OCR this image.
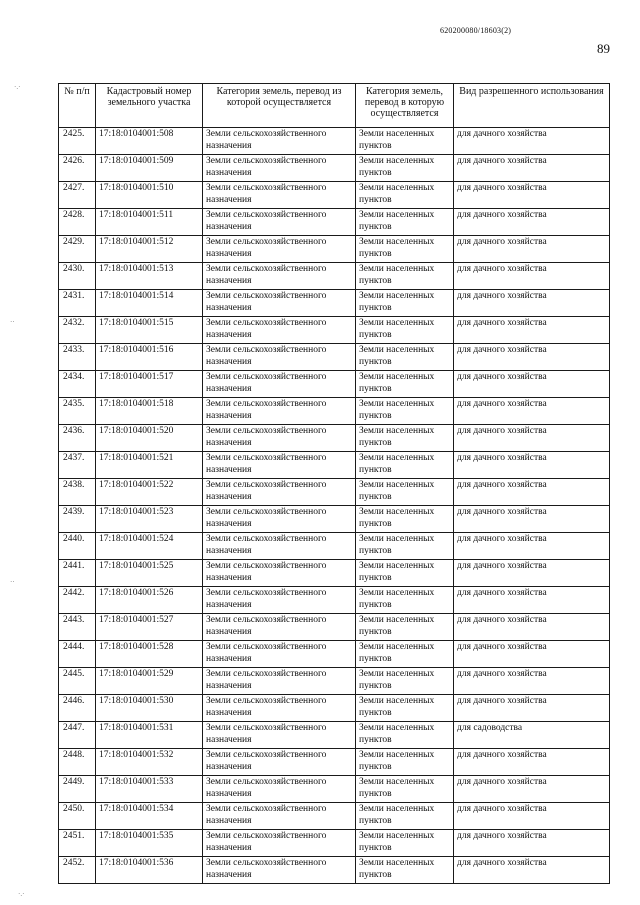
620200080/18603(2)
89
·.·
··
··
·.·
№ п/п	Кадастровый номер земельного участка	Категория земель, перевод из которой осуществляется	Категория земель, перевод в которую осуществляется	Вид разрешенного использования
2425.	17:18:0104001:508	Земли сельскохозяйственного назначения	Земли населенных пунктов	для дачного хозяйства
2426.	17:18:0104001:509	Земли сельскохозяйственного назначения	Земли населенных пунктов	для дачного хозяйства
2427.	17:18:0104001:510	Земли сельскохозяйственного назначения	Земли населенных пунктов	для дачного хозяйства
2428.	17:18:0104001:511	Земли сельскохозяйственного назначения	Земли населенных пунктов	для дачного хозяйства
2429.	17:18:0104001:512	Земли сельскохозяйственного назначения	Земли населенных пунктов	для дачного хозяйства
2430.	17:18:0104001:513	Земли сельскохозяйственного назначения	Земли населенных пунктов	для дачного хозяйства
2431.	17:18:0104001:514	Земли сельскохозяйственного назначения	Земли населенных пунктов	для дачного хозяйства
2432.	17:18:0104001:515	Земли сельскохозяйственного назначения	Земли населенных пунктов	для дачного хозяйства
2433.	17:18:0104001:516	Земли сельскохозяйственного назначения	Земли населенных пунктов	для дачного хозяйства
2434.	17:18:0104001:517	Земли сельскохозяйственного назначения	Земли населенных пунктов	для дачного хозяйства
2435.	17:18:0104001:518	Земли сельскохозяйственного назначения	Земли населенных пунктов	для дачного хозяйства
2436.	17:18:0104001:520	Земли сельскохозяйственного назначения	Земли населенных пунктов	для дачного хозяйства
2437.	17:18:0104001:521	Земли сельскохозяйственного назначения	Земли населенных пунктов	для дачного хозяйства
2438.	17:18:0104001:522	Земли сельскохозяйственного назначения	Земли населенных пунктов	для дачного хозяйства
2439.	17:18:0104001:523	Земли сельскохозяйственного назначения	Земли населенных пунктов	для дачного хозяйства
2440.	17:18:0104001:524	Земли сельскохозяйственного назначения	Земли населенных пунктов	для дачного хозяйства
2441.	17:18:0104001:525	Земли сельскохозяйственного назначения	Земли населенных пунктов	для дачного хозяйства
2442.	17:18:0104001:526	Земли сельскохозяйственного назначения	Земли населенных пунктов	для дачного хозяйства
2443.	17:18:0104001:527	Земли сельскохозяйственного назначения	Земли населенных пунктов	для дачного хозяйства
2444.	17:18:0104001:528	Земли сельскохозяйственного назначения	Земли населенных пунктов	для дачного хозяйства
2445.	17:18:0104001:529	Земли сельскохозяйственного назначения	Земли населенных пунктов	для дачного хозяйства
2446.	17:18:0104001:530	Земли сельскохозяйственного назначения	Земли населенных пунктов	для дачного хозяйства
2447.	17:18:0104001:531	Земли сельскохозяйственного назначения	Земли населенных пунктов	для садоводства
2448.	17:18:0104001:532	Земли сельскохозяйственного назначения	Земли населенных пунктов	для дачного хозяйства
2449.	17:18:0104001:533	Земли сельскохозяйственного назначения	Земли населенных пунктов	для дачного хозяйства
2450.	17:18:0104001:534	Земли сельскохозяйственного назначения	Земли населенных пунктов	для дачного хозяйства
2451.	17:18:0104001:535	Земли сельскохозяйственного назначения	Земли населенных пунктов	для дачного хозяйства
2452.	17:18:0104001:536	Земли сельскохозяйственного назначения	Земли населенных пунктов	для дачного хозяйства
